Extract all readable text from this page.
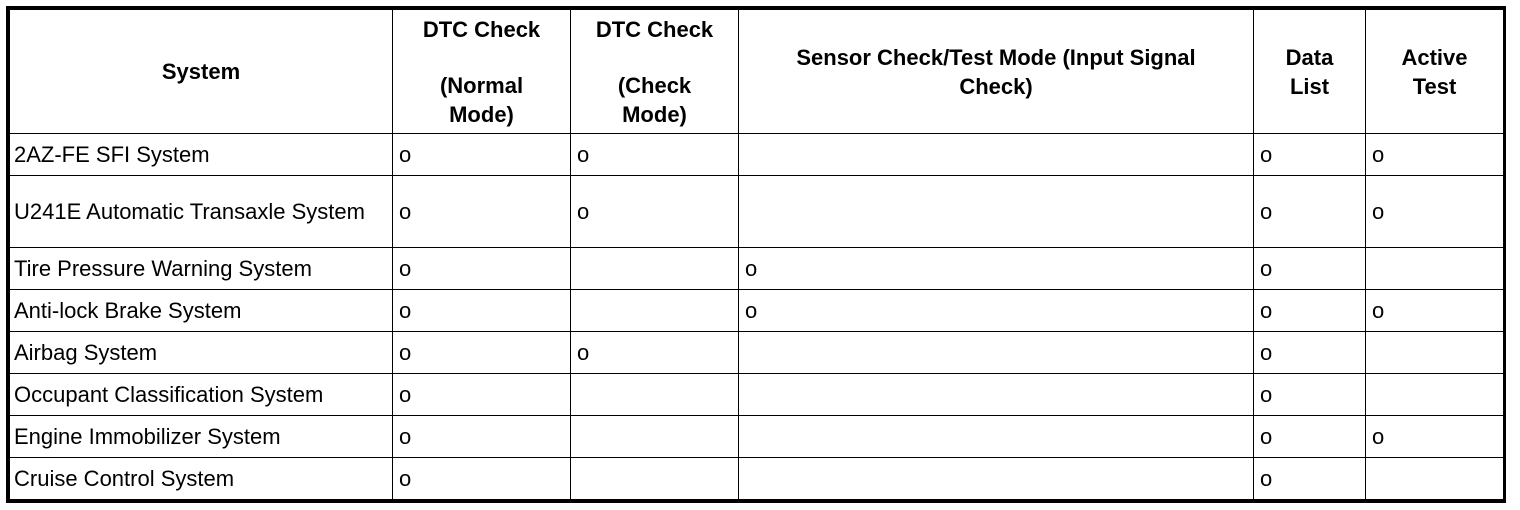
System	DTC Check
(Normal
Mode)	DTC Check
(Check
Mode)	Sensor Check/Test Mode (Input Signal
Check)	Data
List	Active
Test

2AZ-FE SFI System	o	o		o	o
U241E Automatic Transaxle System	o	o		o	o
Tire Pressure Warning System	o		o	o	
Anti-lock Brake System	o		o	o	o
Airbag System	o	o		o	
Occupant Classification System	o			o	
Engine Immobilizer System	o			o	o
Cruise Control System	o			o	
